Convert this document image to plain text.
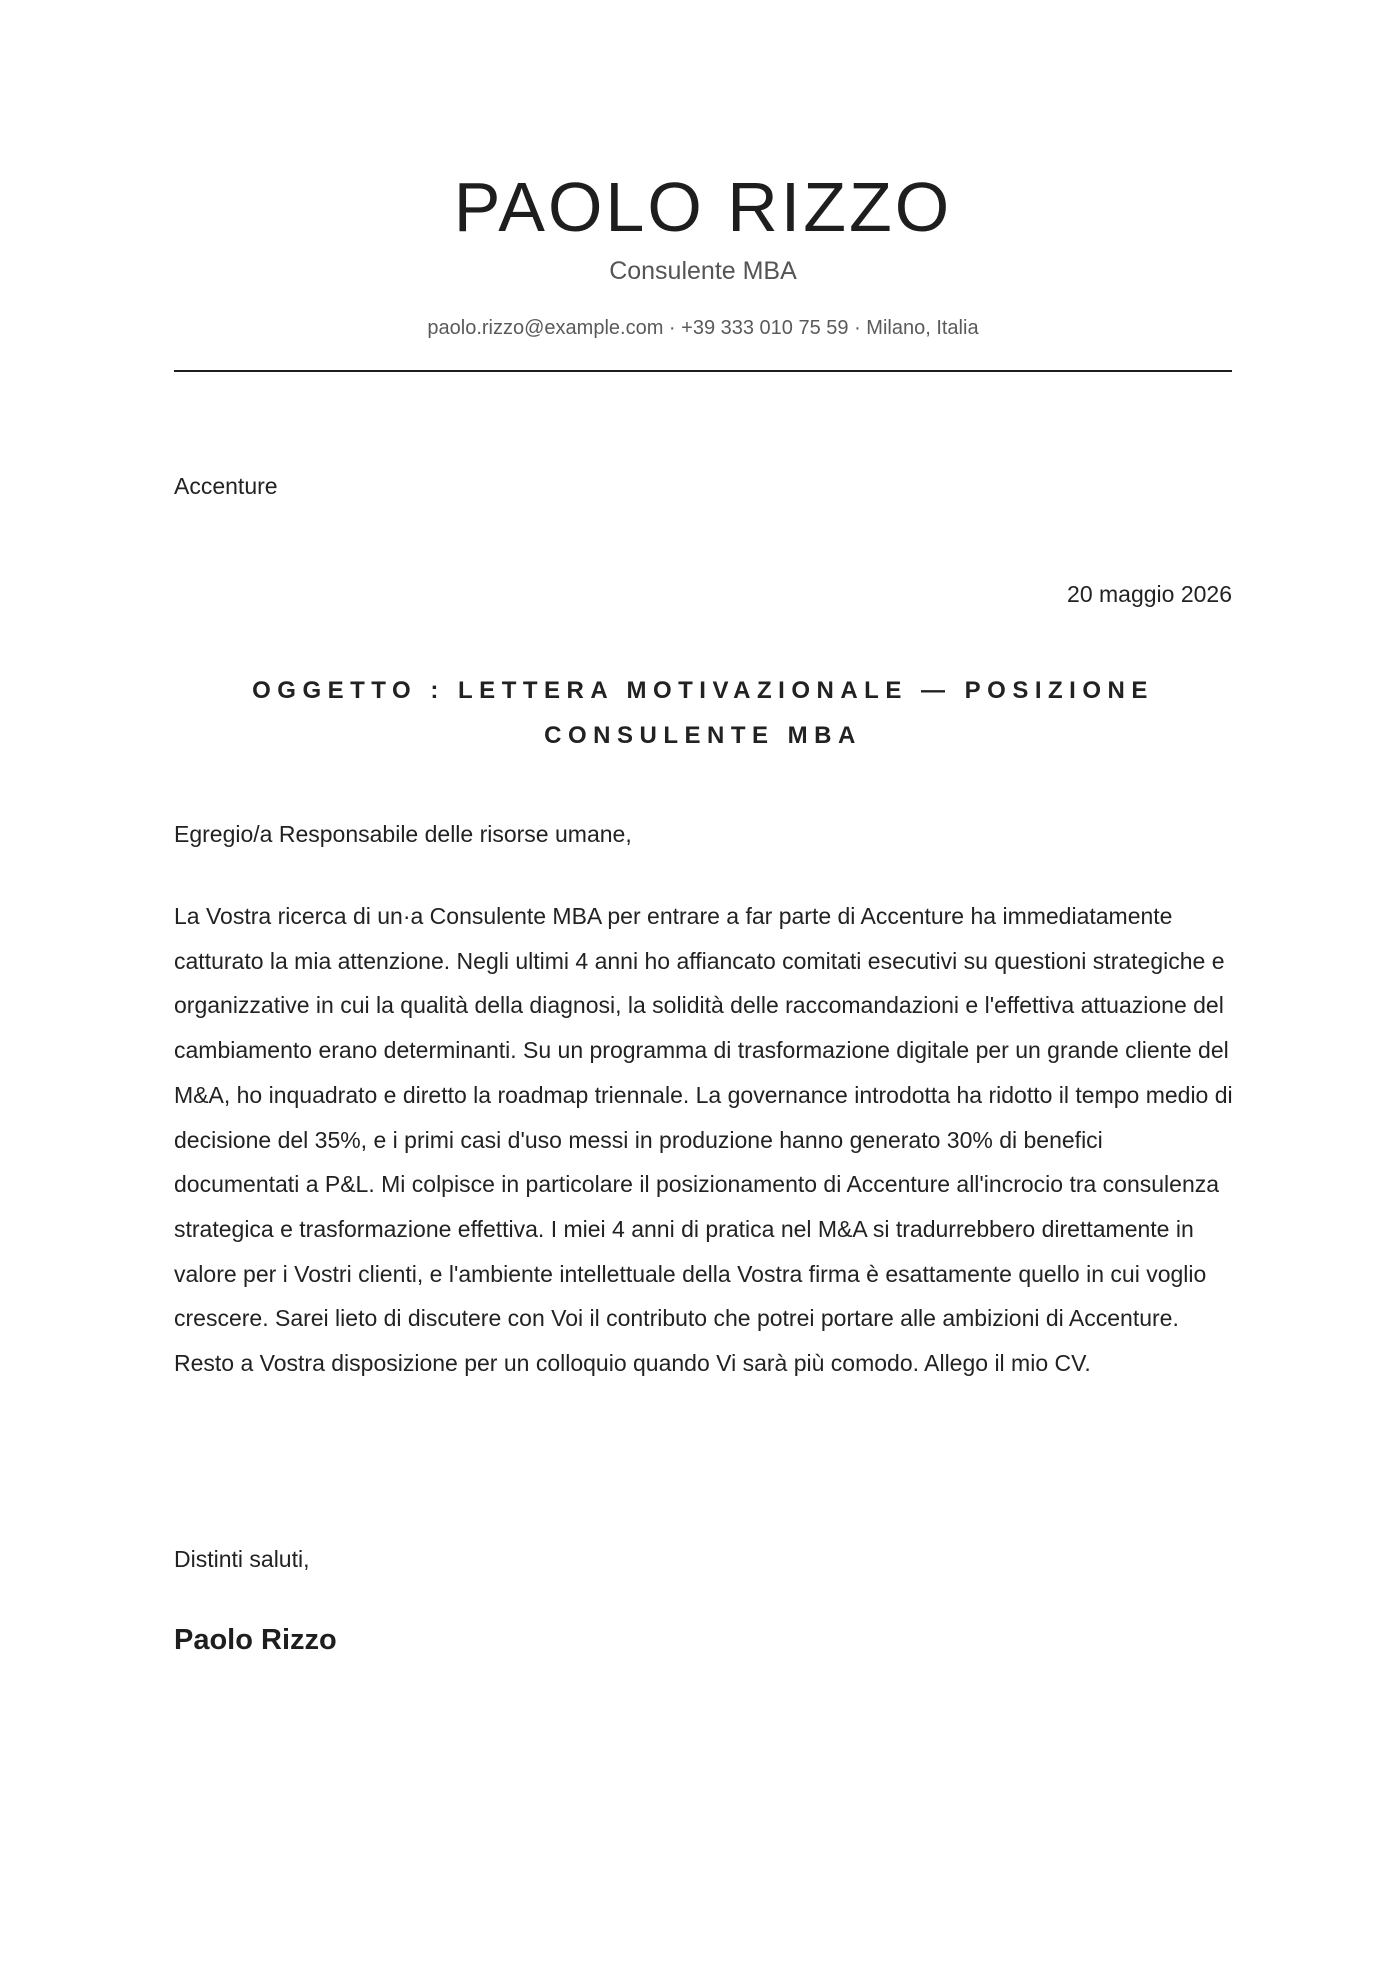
PAOLO RIZZO
Consulente MBA
paolo.rizzo@example.com · +39 333 010 75 59 · Milano, Italia
Accenture
20 maggio 2026
OGGETTO : LETTERA MOTIVAZIONALE — POSIZIONE CONSULENTE MBA
Egregio/a Responsabile delle risorse umane,

La Vostra ricerca di un·a Consulente MBA per entrare a far parte di Accenture ha immediatamente catturato la mia attenzione. Negli ultimi 4 anni ho affiancato comitati esecutivi su questioni strategiche e organizzative in cui la qualità della diagnosi, la solidità delle raccomandazioni e l'effettiva attuazione del cambiamento erano determinanti. Su un programma di trasformazione digitale per un grande cliente del M&A, ho inquadrato e diretto la roadmap triennale. La governance introdotta ha ridotto il tempo medio di decisione del 35%, e i primi casi d'uso messi in produzione hanno generato 30% di benefici documentati a P&L. Mi colpisce in particolare il posizionamento di Accenture all'incrocio tra consulenza strategica e trasformazione effettiva. I miei 4 anni di pratica nel M&A si tradurrebbero direttamente in valore per i Vostri clienti, e l'ambiente intellettuale della Vostra firma è esattamente quello in cui voglio crescere. Sarei lieto di discutere con Voi il contributo che potrei portare alle ambizioni di Accenture. Resto a Vostra disposizione per un colloquio quando Vi sarà più comodo. Allego il mio CV.

Distinti saluti,
Paolo Rizzo
